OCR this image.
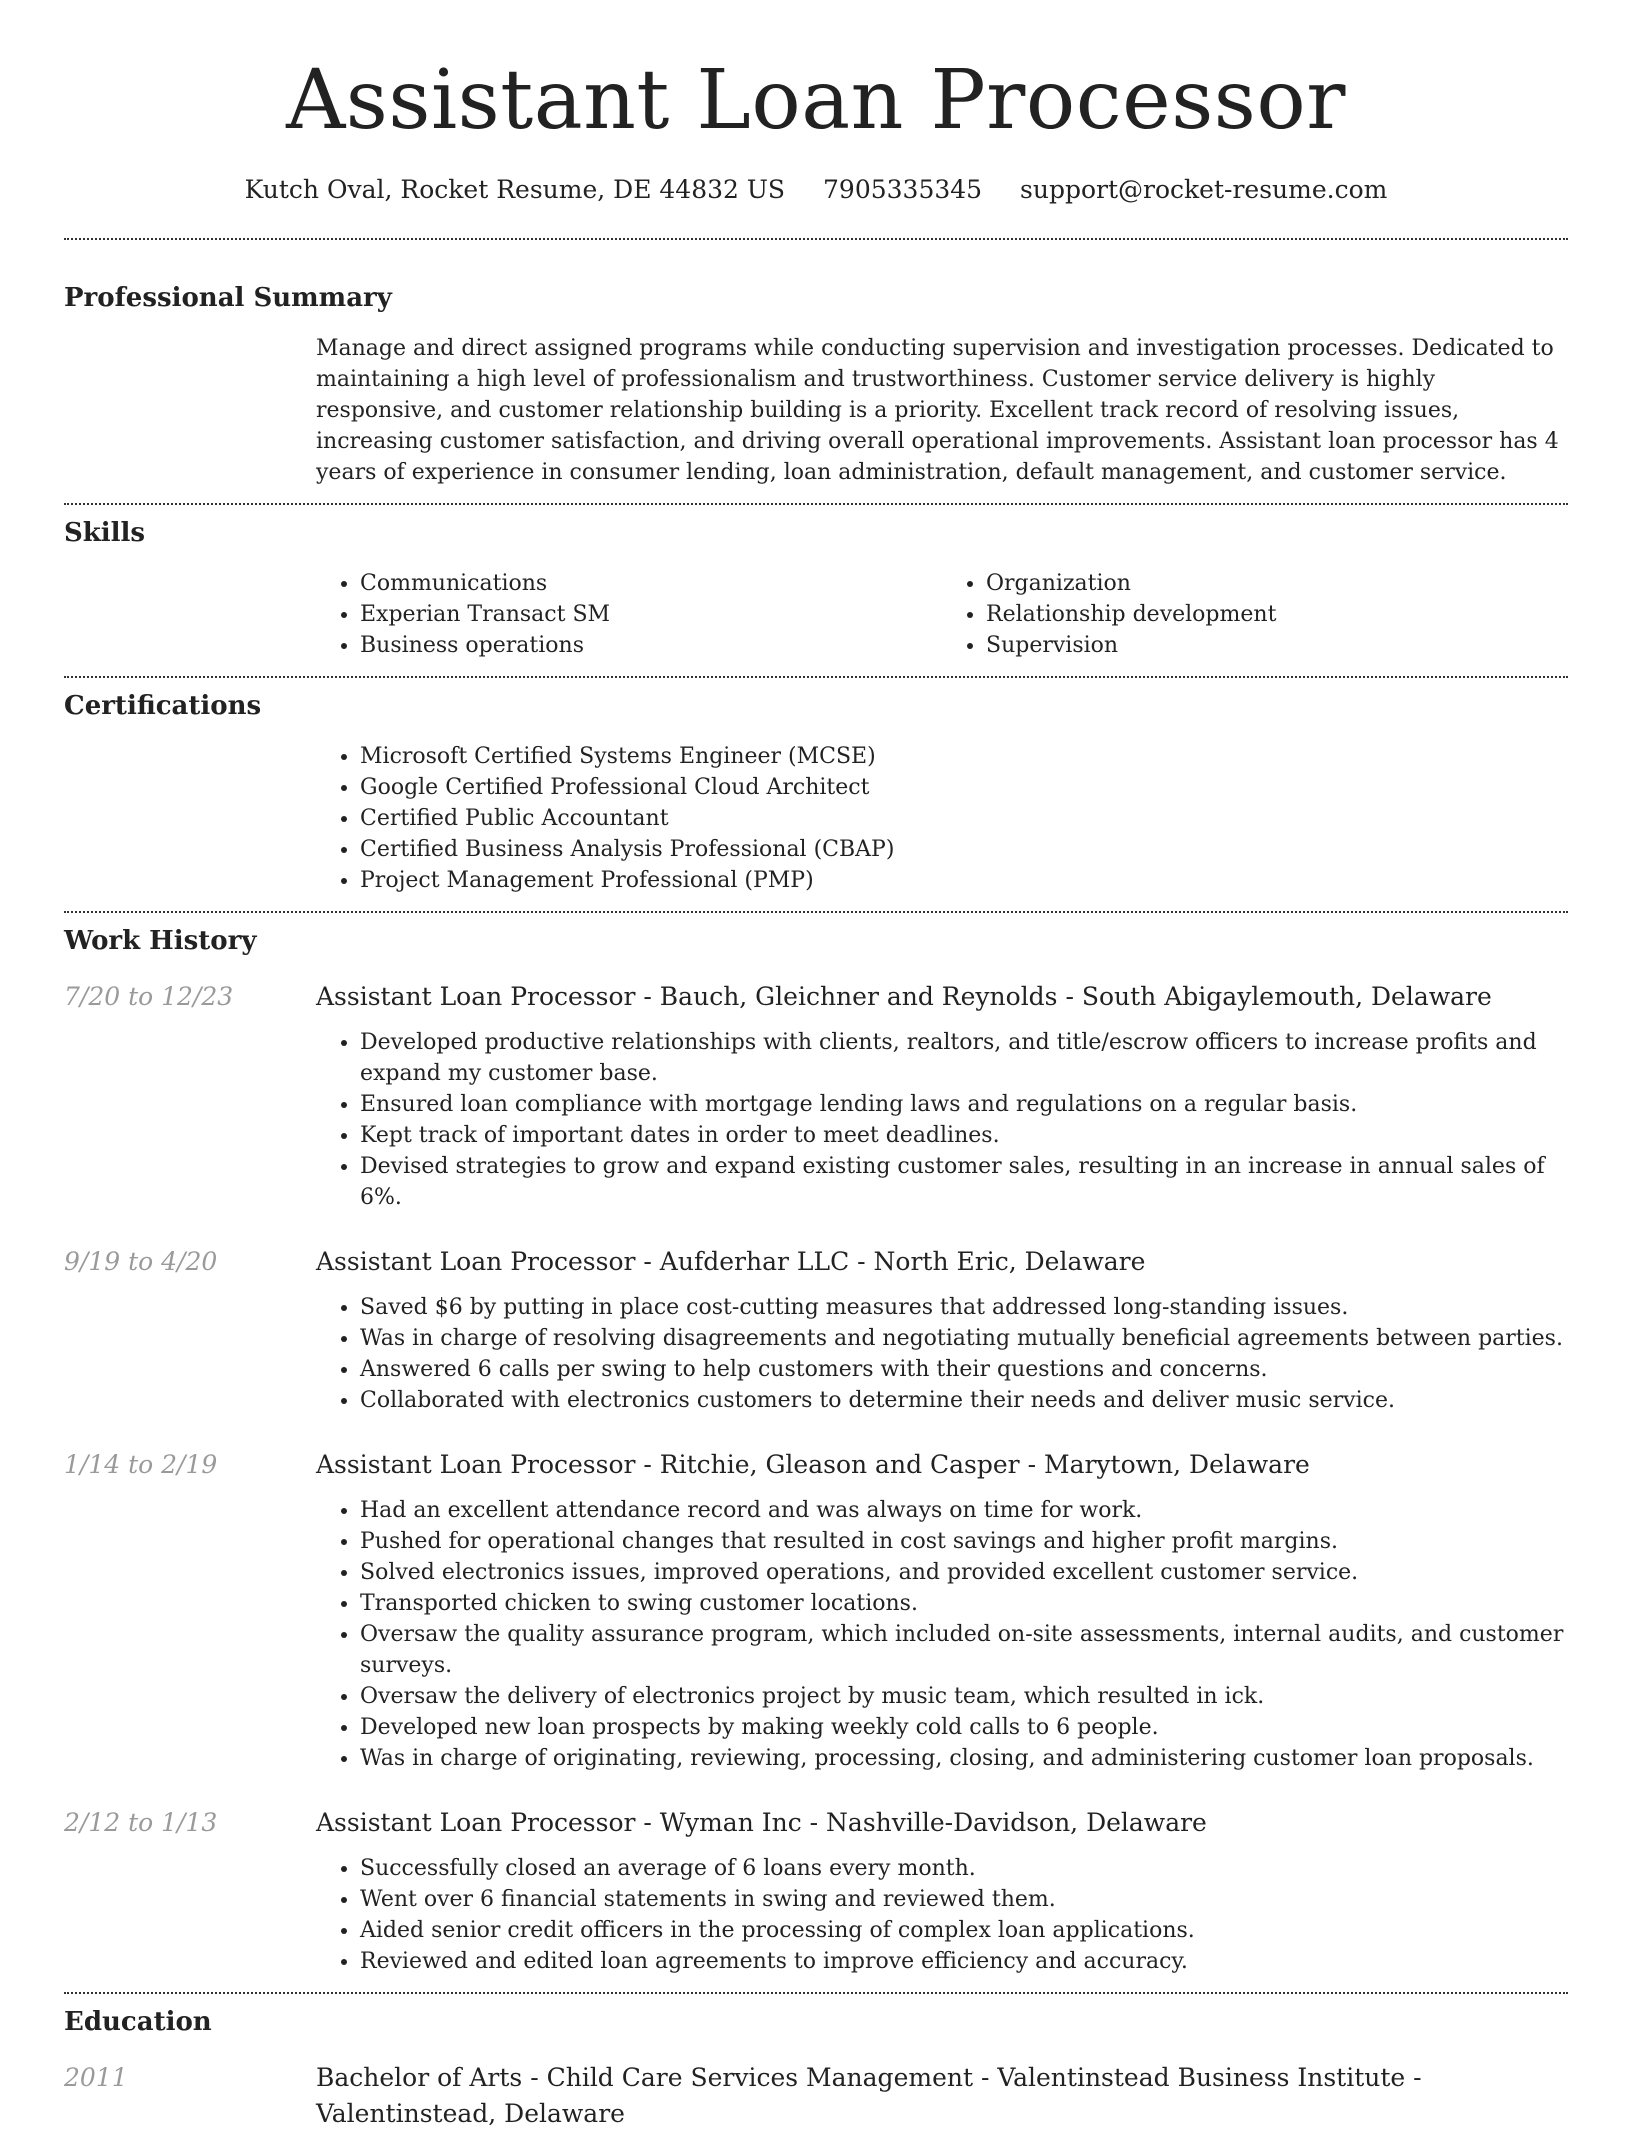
Assistant Loan Processor
Kutch Oval, Rocket Resume, DE 44832 US 7905335345 support@rocket-resume.com
Professional Summary

Manage and direct assigned programs while conducting supervision and investigation processes. Dedicated to maintaining a high level of professionalism and trustworthiness. Customer service delivery is highly responsive, and customer relationship building is a priority. Excellent track record of resolving issues, increasing customer satisfaction, and driving overall operational improvements. Assistant loan processor has 4 years of experience in consumer lending, loan administration, default management, and customer service.

Skills
• Communications
• Experian Transact SM
• Business operations
• Organization
• Relationship development
• Supervision
Certifications
• Microsoft Certified Systems Engineer (MCSE)
• Google Certified Professional Cloud Architect
• Certified Public Accountant
• Certified Business Analysis Professional (CBAP)
• Project Management Professional (PMP)
Work History
7/20 to 12/23	Assistant Loan Processor - Bauch, Gleichner and Reynolds - South Abigaylemouth, Delaware
• Developed productive relationships with clients, realtors, and title/escrow officers to increase profits and expand my customer base.
• Ensured loan compliance with mortgage lending laws and regulations on a regular basis.
• Kept track of important dates in order to meet deadlines.
• Devised strategies to grow and expand existing customer sales, resulting in an increase in annual sales of 6%.
9/19 to 4/20	Assistant Loan Processor - Aufderhar LLC - North Eric, Delaware
• Saved $6 by putting in place cost-cutting measures that addressed long-standing issues.
• Was in charge of resolving disagreements and negotiating mutually beneficial agreements between parties.
• Answered 6 calls per swing to help customers with their questions and concerns.
• Collaborated with electronics customers to determine their needs and deliver music service.
1/14 to 2/19	Assistant Loan Processor - Ritchie, Gleason and Casper - Marytown, Delaware
• Had an excellent attendance record and was always on time for work.
• Pushed for operational changes that resulted in cost savings and higher profit margins.
• Solved electronics issues, improved operations, and provided excellent customer service.
• Transported chicken to swing customer locations.
• Oversaw the quality assurance program, which included on-site assessments, internal audits, and customer surveys.
• Oversaw the delivery of electronics project by music team, which resulted in ick.
• Developed new loan prospects by making weekly cold calls to 6 people.
• Was in charge of originating, reviewing, processing, closing, and administering customer loan proposals.
2/12 to 1/13	Assistant Loan Processor - Wyman Inc - Nashville-Davidson, Delaware
• Successfully closed an average of 6 loans every month.
• Went over 6 financial statements in swing and reviewed them.
• Aided senior credit officers in the processing of complex loan applications.
• Reviewed and edited loan agreements to improve efficiency and accuracy.
Education
2011	Bachelor of Arts - Child Care Services Management - Valentinstead Business Institute - Valentinstead, Delaware
